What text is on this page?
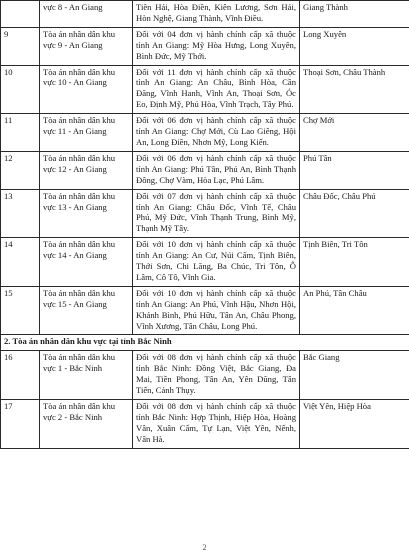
	vực 8 - An Giang	Tiên Hải, Hòa Điền, Kiên Lương, Sơn Hải, Hòn Nghệ, Giang Thành, Vĩnh Điều.	Giang Thành
9	Tòa án nhân dân khu vực 9 - An Giang	Đối với 04 đơn vị hành chính cấp xã thuộc tỉnh An Giang: Mỹ Hòa Hưng, Long Xuyên, Bình Đức, Mỹ Thới.	Long Xuyên
10	Tòa án nhân dân khu vực 10 - An Giang	Đối với 11 đơn vị hành chính cấp xã thuộc tỉnh An Giang: An Châu, Bình Hòa, Cần Đăng, Vĩnh Hanh, Vĩnh An, Thoại Sơn, Óc Eo, Định Mỹ, Phú Hòa, Vĩnh Trạch, Tây Phú.	Thoại Sơn, Châu Thành
11	Tòa án nhân dân khu vực 11 - An Giang	Đối với 06 đơn vị hành chính cấp xã thuộc tỉnh An Giang: Chợ Mới, Cù Lao Giêng, Hội An, Long Điền, Nhơn Mỹ, Long Kiến.	Chợ Mới
12	Tòa án nhân dân khu vực 12 - An Giang	Đối với 06 đơn vị hành chính cấp xã thuộc tỉnh An Giang: Phú Tân, Phú An, Bình Thạnh Đông, Chợ Vàm, Hòa Lạc, Phú Lâm.	Phú Tân
13	Tòa án nhân dân khu vực 13 - An Giang	Đối với 07 đơn vị hành chính cấp xã thuộc tỉnh An Giang: Châu Đốc, Vĩnh Tế, Châu Phú, Mỹ Đức, Vĩnh Thạnh Trung, Bình Mỹ, Thạnh Mỹ Tây.	Châu Đốc, Châu Phú
14	Tòa án nhân dân khu vực 14 - An Giang	Đối với 10 đơn vị hành chính cấp xã thuộc tỉnh An Giang: An Cư, Núi Cấm, Tịnh Biên, Thới Sơn, Chi Lăng, Ba Chúc, Tri Tôn, Ô Lâm, Cô Tô, Vĩnh Gia.	Tịnh Biên, Tri Tôn
15	Tòa án nhân dân khu vực 15 - An Giang	Đối với 10 đơn vị hành chính cấp xã thuộc tỉnh An Giang: An Phú, Vĩnh Hậu, Nhơn Hội, Khánh Bình, Phú Hữu, Tân An, Châu Phong, Vĩnh Xương, Tân Châu, Long Phú.	An Phú, Tân Châu
2. Tòa án nhân dân khu vực tại tỉnh Bắc Ninh			
16	Tòa án nhân dân khu vực 1 - Bắc Ninh	Đối với 08 đơn vị hành chính cấp xã thuộc tỉnh Bắc Ninh: Đồng Việt, Bắc Giang, Đa Mai, Tiền Phong, Tân An, Yên Dũng, Tân Tiến, Cảnh Thụy.	Bắc Giang
17	Tòa án nhân dân khu vực 2 - Bắc Ninh	Đối với 08 đơn vị hành chính cấp xã thuộc tỉnh Bắc Ninh: Hợp Thịnh, Hiệp Hòa, Hoàng Vân, Xuân Cẩm, Tự Lạn, Việt Yên, Nếnh, Vân Hà.	Việt Yên, Hiệp Hòa
2
